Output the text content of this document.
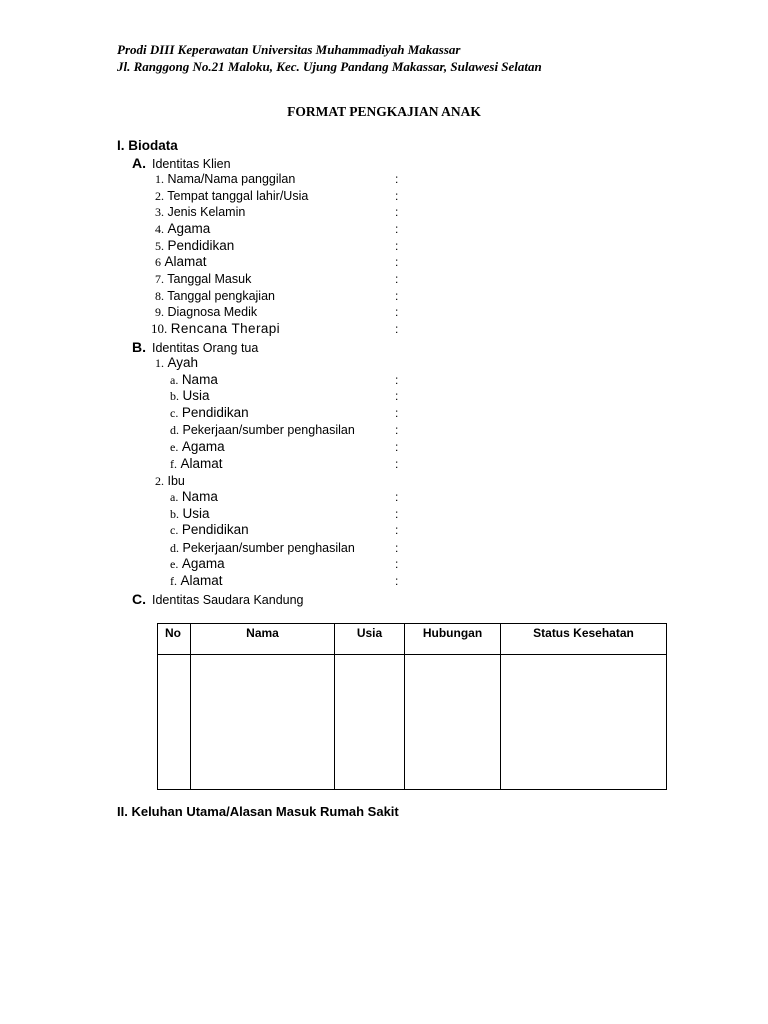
Prodi DIII Keperawatan Universitas Muhammadiyah Makassar
Jl. Ranggong No.21 Maloku, Kec. Ujung Pandang Makassar, Sulawesi Selatan
FORMAT PENGKAJIAN ANAK
I. Biodata
A. Identitas Klien
1. Nama/Nama panggilan	:
2. Tempat tanggal lahir/Usia	:
3. Jenis Kelamin	:
4. Agama	:
5. Pendidikan	:
6 Alamat	:
7. Tanggal Masuk	:
8. Tanggal pengkajian	:
9. Diagnosa Medik	:
10. Rencana Therapi	:
B. Identitas Orang tua
1. Ayah
a. Nama	:
b. Usia	:
c. Pendidikan	:
d. Pekerjaan/sumber penghasilan	:
e. Agama	:
f. Alamat	:
2. Ibu
a. Nama	:
b. Usia	:
c. Pendidikan	:
d. Pekerjaan/sumber penghasilan	:
e. Agama	:
f. Alamat	:
C. Identitas Saudara Kandung
No	Nama	Usia	Hubungan	Status Kesehatan

II. Keluhan Utama/Alasan Masuk Rumah Sakit
